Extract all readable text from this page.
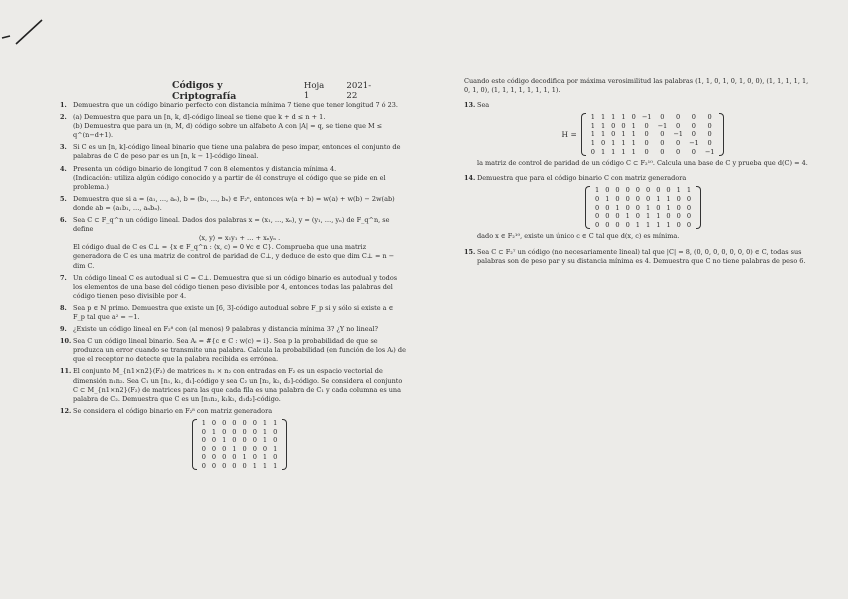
Códigos y Criptografía
Hoja 1
2021-22
1. Demuestra que un código binario perfecto con distancia mínima 7 tiene que tener longitud 7 ó 23.

2. (a) Demuestra que para un [n, k, d]-código lineal se tiene que k + d ≤ n + 1.

(b) Demuestra que para un (n, M, d) código sobre un alfabeto A con |A| = q, se tiene que M ≤ q^(n−d+1).

3. Si C es un [n, k]-código lineal binario que tiene una palabra de peso impar, entonces el conjunto de palabras de C de peso par es un [n, k − 1]-código lineal.

4. Presenta un código binario de longitud 7 con 8 elementos y distancia mínima 4.

(Indicación: utiliza algún código conocido y a partir de él construye el código que se pide en el problema.)

5. Demuestra que si a = (a₁, …, aₙ), b = (b₁, …, bₙ) ∈ F₂ⁿ, entonces w(a + b) = w(a) + w(b) − 2w(ab) donde ab = (a₁b₁, …, aₙbₙ).

6. Sea C ⊂ F_q^n un código lineal. Dados dos palabras x = (x₁, …, xₙ), y = (y₁, …, yₙ) de F_q^n, se define

⟨x, y⟩ = x₁y₁ + … + xₙyₙ .

El código dual de C es C⊥ = {x ∈ F_q^n : ⟨x, c⟩ = 0 ∀c ∈ C}. Comprueba que una matriz generadora de C es una matriz de control de paridad de C⊥, y deduce de esto que dim C⊥ = n − dim C.

7. Un código lineal C es autodual si C = C⊥. Demuestra que si un código binario es autodual y todos los elementos de una base del código tienen peso divisible por 4, entonces todas las palabras del código tienen peso divisible por 4.

8. Sea p ∈ ℕ primo. Demuestra que existe un [6, 3]-código autodual sobre F_p si y sólo si existe a ∈ F_p tal que a² = −1.

9. ¿Existe un código lineal en F₂⁸ con (al menos) 9 palabras y distancia mínima 3? ¿Y no lineal?

10. Sea C un código lineal binario. Sea Aᵢ = #{c ∈ C : w(c) = i}. Sea p la probabilidad de que se produzca un error cuando se transmite una palabra. Calcula la probabilidad (en función de los Aᵢ) de que el receptor no detecte que la palabra recibida es errónea.

11. El conjunto M_{n1×n2}(F₂) de matrices n₁ × n₂ con entradas en F₂ es un espacio vectorial de dimensión n₁n₂. Sea C₁ un [n₁, k₁, d₁]-código y sea C₂ un [n₂, k₂, d₂]-código. Se considera el conjunto C ⊂ M_{n1×n2}(F₂) de matrices para las que cada fila es una palabra de C₁ y cada columna es una palabra de C₂. Demuestra que C es un [n₁n₂, k₁k₂, d₁d₂]-código.

12. Se considera el código binario en F₂⁸ con matriz generadora

1	0	0	0	0	0	1	1
0	1	0	0	0	0	1	0
0	0	1	0	0	0	1	0
0	0	0	1	0	0	0	1
0	0	0	0	1	0	1	0
0	0	0	0	0	1	1	1

Cuando este código decodifica por máxima verosimilitud las palabras (1, 1, 0, 1, 0, 1, 0, 0), (1, 1, 1, 1, 1, 0, 1, 0), (1, 1, 1, 1, 1, 1, 1, 1).

13. Sea

H =
1	1	1	1	0	−1	0	0	0	0
1	1	0	0	1	0	−1	0	0	0
1	1	0	1	1	0	0	−1	0	0
1	0	1	1	1	0	0	0	−1	0
0	1	1	1	1	0	0	0	0	−1

la matriz de control de paridad de un código C ⊂ F₂¹⁰. Calcula una base de C y prueba que d(C) = 4.

14. Demuestra que para el código binario C con matriz generadora

1	0	0	0	0	0	0	0	1	1
0	1	0	0	0	0	1	1	0	0
0	0	1	0	0	1	0	1	0	0
0	0	0	1	0	1	1	0	0	0
0	0	0	0	1	1	1	1	0	0

dado x ∈ F₂¹⁰, existe un único c ∈ C tal que d(x, c) es mínima.

15. Sea C ⊂ F₂⁷ un código (no necesariamente lineal) tal que |C| = 8, (0, 0, 0, 0, 0, 0, 0) ∈ C, todas sus palabras son de peso par y su distancia mínima es 4. Demuestra que C no tiene palabras de peso 6.
